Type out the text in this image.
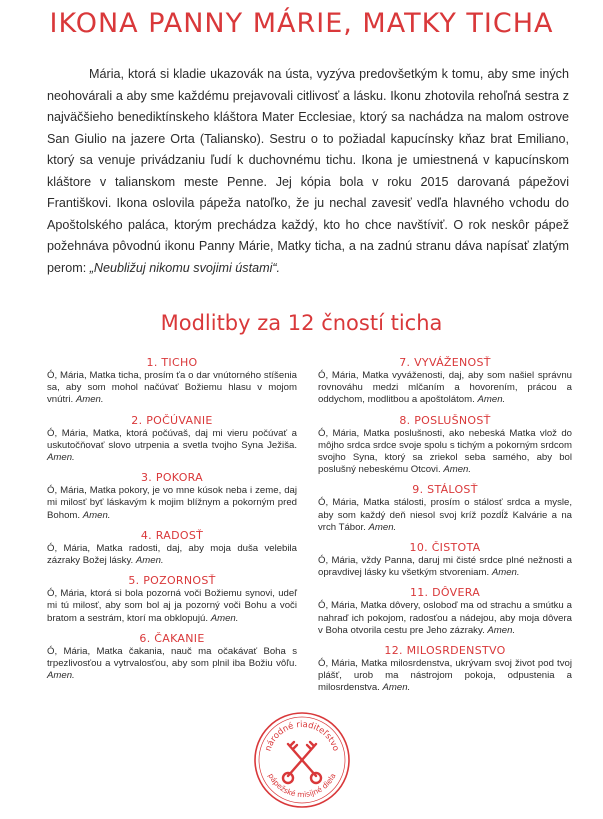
IKONA PANNY MÁRIE, MATKY TICHA
Mária, ktorá si kladie ukazovák na ústa, vyzýva predovšetkým k tomu, aby sme iných neohovárali a aby sme každému prejavovali citlivosť a lásku. Ikonu zhotovila rehoľná sestra z najväčšieho benediktínskeho kláštora Mater Ecclesiae, ktorý sa nachádza na malom ostrove San Giulio na jazere Orta (Taliansko). Sestru o to požiadal kapucínsky kňaz brat Emiliano, ktorý sa venuje privádzaniu ľudí k duchovnému tichu. Ikona je umiestnená v kapucínskom kláštore v talianskom meste Penne. Jej kópia bola v roku 2015 darovaná pápežovi Františkovi. Ikona oslovila pápeža natoľko, že ju nechal zavesiť vedľa hlavného vchodu do Apoštolského paláca, ktorým prechádza každý, kto ho chce navštíviť. O rok neskôr pápež požehnáva pôvodnú ikonu Panny Márie, Matky ticha, a na zadnú stranu dáva napísať zlatým perom: „Neubližuj nikomu svojimi ústami“.
Modlitby za 12 čností ticha
1. TICHO
Ó, Mária, Matka ticha, prosím ťa o dar vnútorného stíšenia sa, aby som mohol načúvať Božiemu hlasu v mojom vnútri. Amen.
2. POČÚVANIE
Ó, Mária, Matka, ktorá počúvaš, daj mi vieru počúvať a uskutočňovať slovo utrpenia a svetla tvojho Syna Ježiša. Amen.
3. POKORA
Ó, Mária, Matka pokory, je vo mne kúsok neba i zeme, daj mi milosť byť láskavým k mojim blížnym a pokorným pred Bohom. Amen.
4. RADOSŤ
Ó, Mária, Matka radosti, daj, aby moja duša velebila zázraky Božej lásky. Amen.
5. POZORNOSŤ
Ó, Mária, ktorá si bola pozorná voči Božiemu synovi, udeľ mi tú milosť, aby som bol aj ja pozorný voči Bohu a voči bratom a sestrám, ktorí ma obklopujú. Amen.
6. ČAKANIE
Ó, Mária, Matka čakania, nauč ma očakávať Boha s trpezlivosťou a vytrvalosťou, aby som plnil iba Božiu vôľu. Amen.
7. VYVÁŽENOSŤ
Ó, Mária, Matka vyváženosti, daj, aby som našiel správnu rovnováhu medzi mlčaním a hovorením, prácou a oddychom, modlitbou a apoštolátom. Amen.
8. POSLUŠNOSŤ
Ó, Mária, Matka poslušnosti, ako nebeská Matka vlož do môjho srdca srdce svoje spolu s tichým a pokorným srdcom svojho Syna, ktorý sa zriekol seba samého, aby bol poslušný nebeskému Otcovi. Amen.
9. STÁLOSŤ
Ó, Mária, Matka stálosti, prosím o stálosť srdca a mysle, aby som každý deň niesol svoj kríž pozdĺž Kalvárie a na vrch Tábor. Amen.
10. ČISTOTA
Ó, Mária, vždy Panna, daruj mi čisté srdce plné nežnosti a opravdivej lásky ku všetkým stvoreniam. Amen.
11. DÔVERA
Ó, Mária, Matka dôvery, osloboď ma od strachu a smútku a nahraď ich pokojom, radosťou a nádejou, aby moja dôvera v Boha otvorila cestu pre Jeho zázraky. Amen.
12. MILOSRDENSTVO
Ó, Mária, Matka milosrdenstva, ukrývam svoj život pod tvoj plášť, urob ma nástrojom pokoja, odpustenia a milosrdenstva. Amen.
národné riaditeľstvo
pápežské misijné diela
